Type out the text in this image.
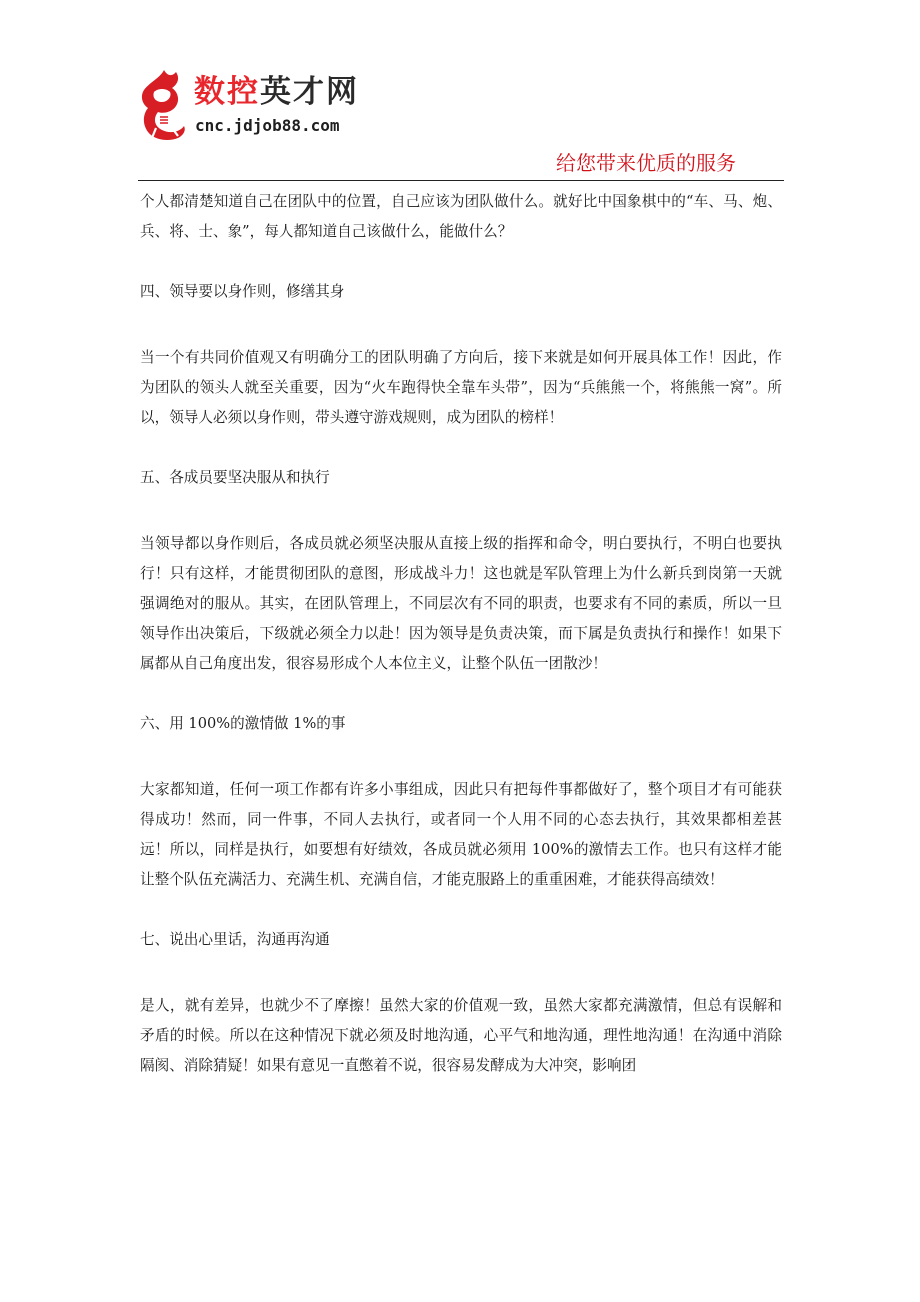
数控英才网
cnc.jdjob88.com
给您带来优质的服务

个人都清楚知道自己在团队中的位置，自己应该为团队做什么。就好比中国象棋中的“车、马、炮、兵、将、士、象”，每人都知道自己该做什么，能做什么？

四、领导要以身作则，修缮其身

当一个有共同价值观又有明确分工的团队明确了方向后，接下来就是如何开展具体工作！因此，作为团队的领头人就至关重要，因为“火车跑得快全靠车头带”，因为“兵熊熊一个，将熊熊一窝”。所以，领导人必须以身作则，带头遵守游戏规则，成为团队的榜样！

五、各成员要坚决服从和执行

当领导都以身作则后，各成员就必须坚决服从直接上级的指挥和命令，明白要执行，不明白也要执行！只有这样，才能贯彻团队的意图，形成战斗力！这也就是军队管理上为什么新兵到岗第一天就强调绝对的服从。其实，在团队管理上，不同层次有不同的职责，也要求有不同的素质，所以一旦领导作出决策后，下级就必须全力以赴！因为领导是负责决策，而下属是负责执行和操作！如果下属都从自己角度出发，很容易形成个人本位主义，让整个队伍一团散沙！

六、用 100%的激情做 1%的事

大家都知道，任何一项工作都有许多小事组成，因此只有把每件事都做好了，整个项目才有可能获得成功！然而，同一件事，不同人去执行，或者同一个人用不同的心态去执行，其效果都相差甚远！所以，同样是执行，如要想有好绩效，各成员就必须用 100%的激情去工作。也只有这样才能让整个队伍充满活力、充满生机、充满自信，才能克服路上的重重困难，才能获得高绩效！

七、说出心里话，沟通再沟通

是人，就有差异，也就少不了摩擦！虽然大家的价值观一致，虽然大家都充满激情，但总有误解和矛盾的时候。所以在这种情况下就必须及时地沟通，心平气和地沟通，理性地沟通！在沟通中消除隔阂、消除猜疑！如果有意见一直憋着不说，很容易发酵成为大冲突，影响团
